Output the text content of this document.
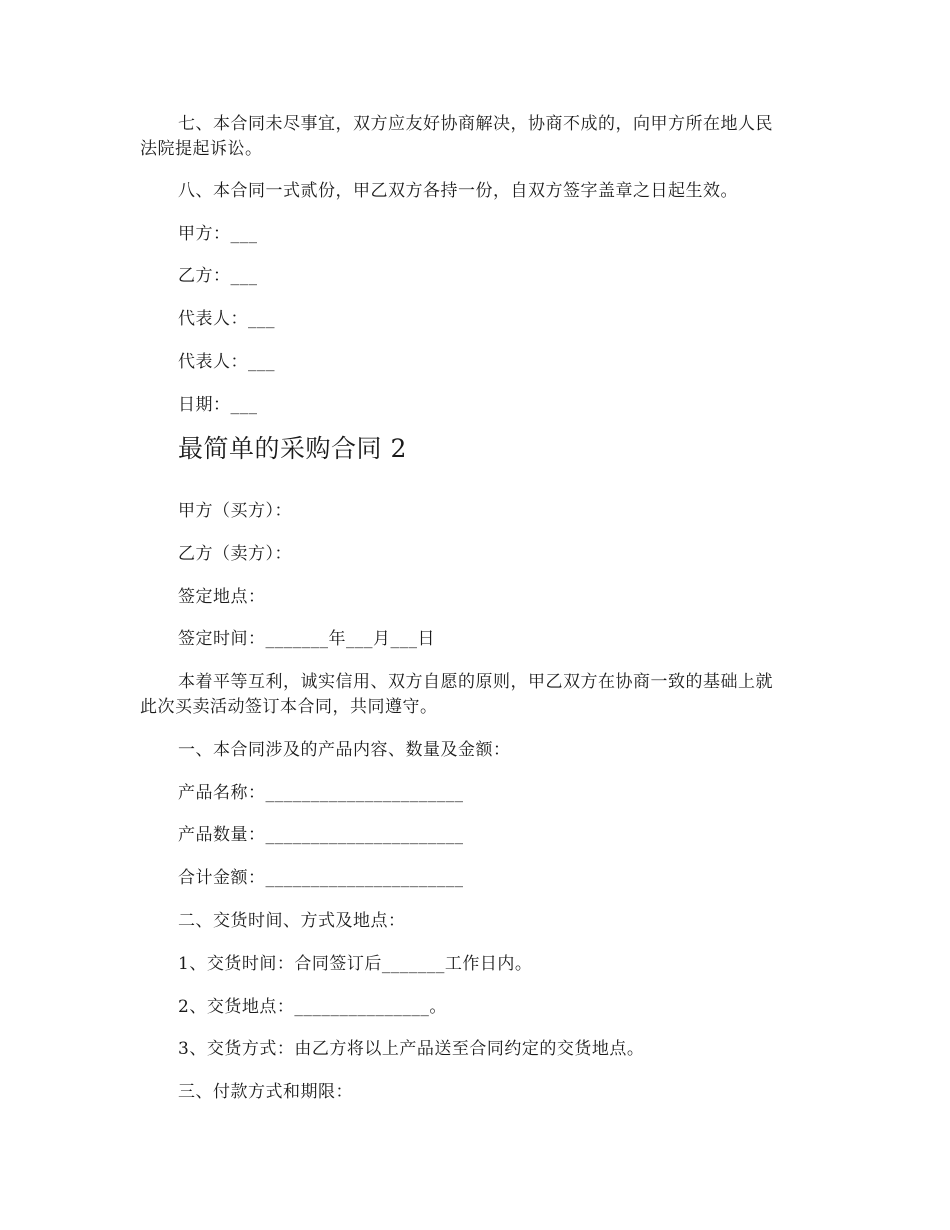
七、本合同未尽事宜，双方应友好协商解决，协商不成的，向甲方所在地人民
法院提起诉讼。
八、本合同一式贰份，甲乙双方各持一份，自双方签字盖章之日起生效。
甲方：___
乙方：___
代表人：___
代表人：___
日期：___
最简单的采购合同 2
甲方（买方）：
乙方（卖方）：
签定地点：
签定时间：_______年___月___日
本着平等互利，诚实信用、双方自愿的原则，甲乙双方在协商一致的基础上就
此次买卖活动签订本合同，共同遵守。
一、本合同涉及的产品内容、数量及金额：
产品名称：______________________
产品数量：______________________
合计金额：______________________
二、交货时间、方式及地点：
1、交货时间：合同签订后_______工作日内。
2、交货地点：_______________。
3、交货方式：由乙方将以上产品送至合同约定的交货地点。
三、付款方式和期限：
